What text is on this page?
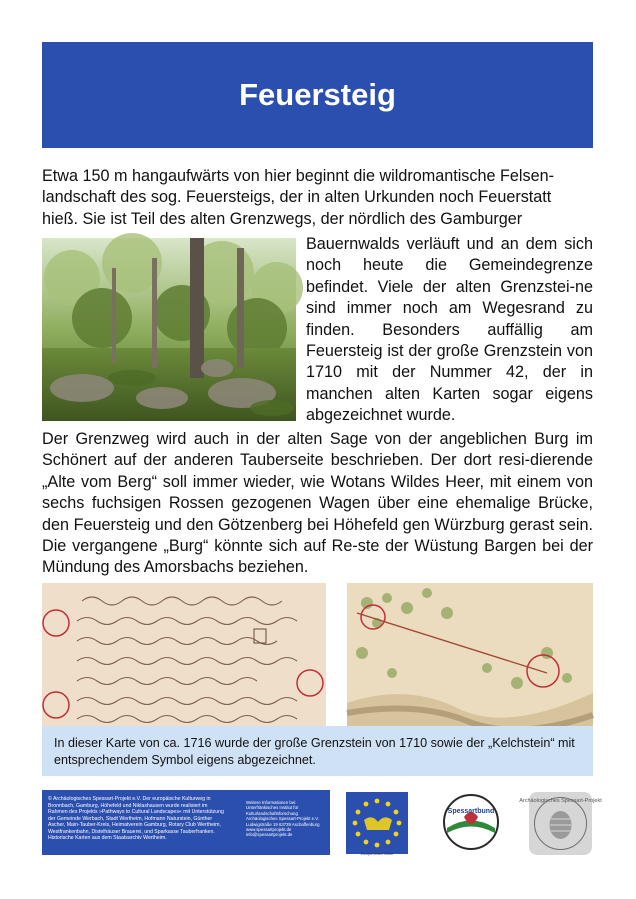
Feuersteig

Etwa 150 m hangaufwärts von hier beginnt die wildromantische Felsen-
landschaft des sog. Feuersteigs, der in alten Urkunden noch Feuerstatt
hieß. Sie ist Teil des alten Grenzwegs, der nördlich des Gamburger

Bauernwalds verläuft und an dem sich noch heute die Gemeindegrenze befindet. Viele der alten Grenzstei-ne sind immer noch am Wegesrand zu finden. Besonders auffällig am Feuersteig ist der große Grenzstein von 1710 mit der Nummer 42, der in manchen alten Karten sogar eigens abgezeichnet wurde.

Der Grenzweg wird auch in der alten Sage von der angeblichen Burg im Schönert auf der anderen Tauberseite beschrieben. Der dort resi-dierende „Alte vom Berg“ soll immer wieder, wie Wotans Wildes Heer, mit einem von sechs fuchsigen Rossen gezogenen Wagen über eine ehemalige Brücke, den Feuersteig und den Götzenberg bei Höhefeld gen Würzburg gerast sein. Die vergangene „Burg“ könnte sich auf Re-ste der Wüstung Bargen bei der Mündung des Amorsbachs beziehen.

In dieser Karte von ca. 1716 wurde der große Grenzstein von 1710 sowie der „Kelchstein“ mit entsprechendem Symbol eigens abgezeichnet.
© Archäologisches Spessart-Projekt e.V. Der europäische Kulturweg in Bronnbach, Gamburg, Höhefeld und Niklashausen wurde realisiert im Rahmen des Projekts »Pathways to Cultural Landscapes« mit Unterstützung der Gemeinde Werbach, Stadt Wertheim, Hofmann Naturstein, Günther Ascher, Main-Tauber-Kreis, Heimatverein Gamburg, Rotary Club Wertheim, Westfrankenbahn, Distelhäuser Brauerei, und Sparkasse Tauberfranken. Historische Karten aus dem Staatsarchiv Wertheim.
Weitere Informationen bei: Unterfränkisches Institut für Kulturlandschaftsforschung Archäologisches Spessart-Projekt e.V. Ludwigstraße 19 63739 Aschaffenburg www.spessartprojekt.de info@spessartprojekt.de
Europa fördert Kultur
Spessartbund
Archäologisches Spessart-Projekt
